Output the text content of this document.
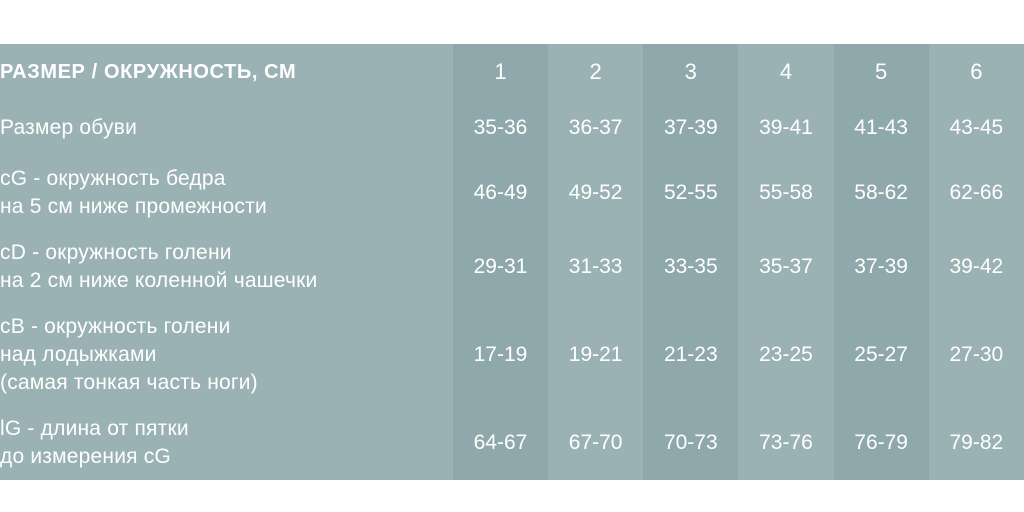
РАЗМЕР / ОКРУЖНОСТЬ, СМ	1	2	3	4	5	6

Размер обуви	35-36	36-37	37-39	39-41	41-43	43-45

cG - окружность бедра
на 5 см ниже промежности	46-49	49-52	52-55	55-58	58-62	62-66

cD - окружность голени
на 2 см ниже коленной чашечки	29-31	31-33	33-35	35-37	37-39	39-42

cB - окружность голени
над лодыжками
(самая тонкая часть ноги)	17-19	19-21	21-23	23-25	25-27	27-30

lG - длина от пятки
до измерения cG	64-67	67-70	70-73	73-76	76-79	79-82
